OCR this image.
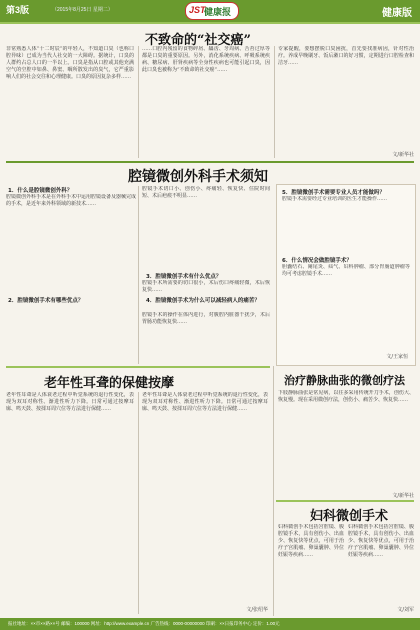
第3版	（2015年8月25日 星期二）	JST
健康报	健康版
不致命的“社交癌”
非常熟悉人体“十二时辰”的年轻人，不知道口臭（也称口腔异味）已成为当代人社交的一大障碍。据统计，口臭的人群约占总人口的一半以上。口臭是指从口腔或其他充满空气的空腔中如鼻、鼻窦、咽所散发出的臭气，它严重影响人们的社会交往和心理健康。口臭的原因复杂多样……
……口腔内残留的食物碎屑、龋齿、牙周病、舌苔过厚等都是口臭的重要原因。另外，消化系统疾病、呼吸系统疾病、糖尿病、肝肾疾病等全身性疾病也可能引起口臭，因此口臭也被称为“不致命的社交癌”……
专家提醒，要想摆脱口臭困扰，首先要找准病因，针对性治疗。养成早晚刷牙、饭后漱口的好习惯，定期进行口腔检查和洁牙……
文/新华社
腔镜微创外科手术须知
1．什么是腔镜微创外科？
腔镜微创外科手术是在外科手术中运用腔镜设备及器械完成的手术，是近年来外科领域的新技术……
2．腔镜微创手术有哪些优点？
腔镜手术切口小、创伤小、疼痛轻、恢复快、住院时间短、术后疤痕不明显……
3．腔镜微创手术有什么优点？
5．腔镜微创手术需要专业人员才能做吗？
腔镜手术需要经过专业培训的医生才能操作……
6．什么情况会做腔镜手术？
胆囊结石、阑尾炎、疝气、妇科肿瘤、部分胃肠道肿瘤等均可考虑腔镜手术……
文/王家恒
腔镜手术所需要的切口很小，术后伤口疼痛轻微，术后恢复快……
4．腔镜微创手术为什么可以减轻病人的痛苦？
腔镜手术的操作在体内进行，对腹腔内脏器干扰少，术后胃肠功能恢复快……
老年性耳聋的保健按摩
老年性耳聋是人体衰老过程中听觉系统的退行性变化，表现为双耳对称性、渐进性听力下降。日常可通过按摩耳廓、鸣天鼓、按揉耳周穴位等方法进行保健……
老年性耳聋是人体衰老过程中听觉系统的退行性变化，表现为双耳对称性、渐进性听力下降。日常可通过按摩耳廓、鸣天鼓、按揉耳周穴位等方法进行保健……
文/张绍华
治疗静脉曲张的微创疗法
下肢静脉曲张是常见病，以往多采用传统开刀手术，创伤大、恢复慢。现在采用微创疗法，创伤小、痛苦少、恢复快……
文/新华社
妇科微创手术
妇科微创手术包括宫腔镜、腹腔镜手术，具有创伤小、出血少、恢复快等优点，可用于治疗子宫肌瘤、卵巢囊肿、异位妊娠等疾病……
妇科微创手术包括宫腔镜、腹腔镜手术，具有创伤小、出血少、恢复快等优点，可用于治疗子宫肌瘤、卵巢囊肿、异位妊娠等疾病……
文/刘军
报社地址：××市××路××号 邮编：100000 网址：http://www.example.cn 广告热线：0000-00000000 印刷：××日报印务中心 定价：1.00元
